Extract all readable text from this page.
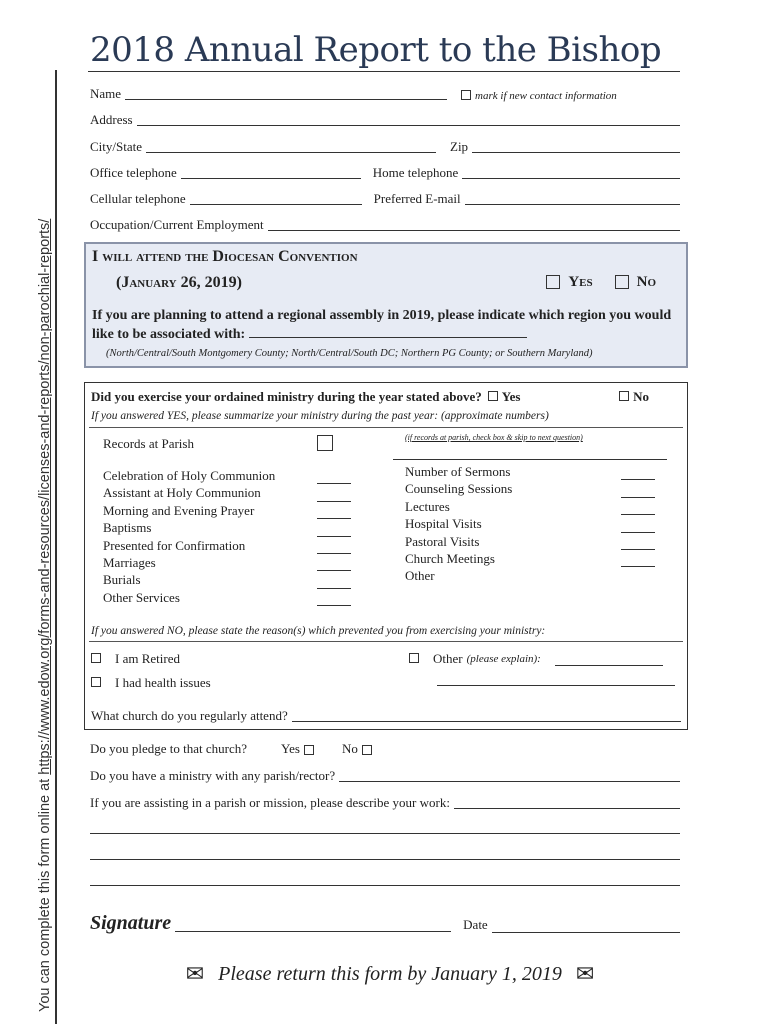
You can complete this form online at https://www.edow.org/forms-and-resources/licenses-and-reports/non-parochial-reports/
2018 Annual Report to the Bishop
Name	mark if new contact information
Address
City/State	Zip
Office telephone	Home telephone
Cellular telephone	Preferred E-mail
Occupation/Current Employment
I will attend the Diocesan Convention
(January 26, 2019)	Yes	No
If you are planning to attend a regional assembly in 2019, please indicate which region you would like to be associated with:
(North/Central/South Montgomery County; North/Central/South DC; Northern PG County; or Southern Maryland)
Did you exercise your ordained ministry during the year stated above? Yes	No
If you answered YES, please summarize your ministry during the past year: (approximate numbers)
Records at Parish	(if records at parish, check box & skip to next question)
Celebration of Holy Communion
Assistant at Holy Communion
Morning and Evening Prayer
Baptisms
Presented for Confirmation
Marriages
Burials
Other Services
Number of Sermons
Counseling Sessions
Lectures
Hospital Visits
Pastoral Visits
Church Meetings
Other
If you answered NO, please state the reason(s) which prevented you from exercising your ministry:
I am Retired
I had health issues
Other (please explain):
What church do you regularly attend?
Do you pledge to that church?	Yes	No
Do you have a ministry with any parish/rector?
If you are assisting in a parish or mission, please describe your work:
Signature	Date
✉ Please return this form by January 1, 2019 ✉
